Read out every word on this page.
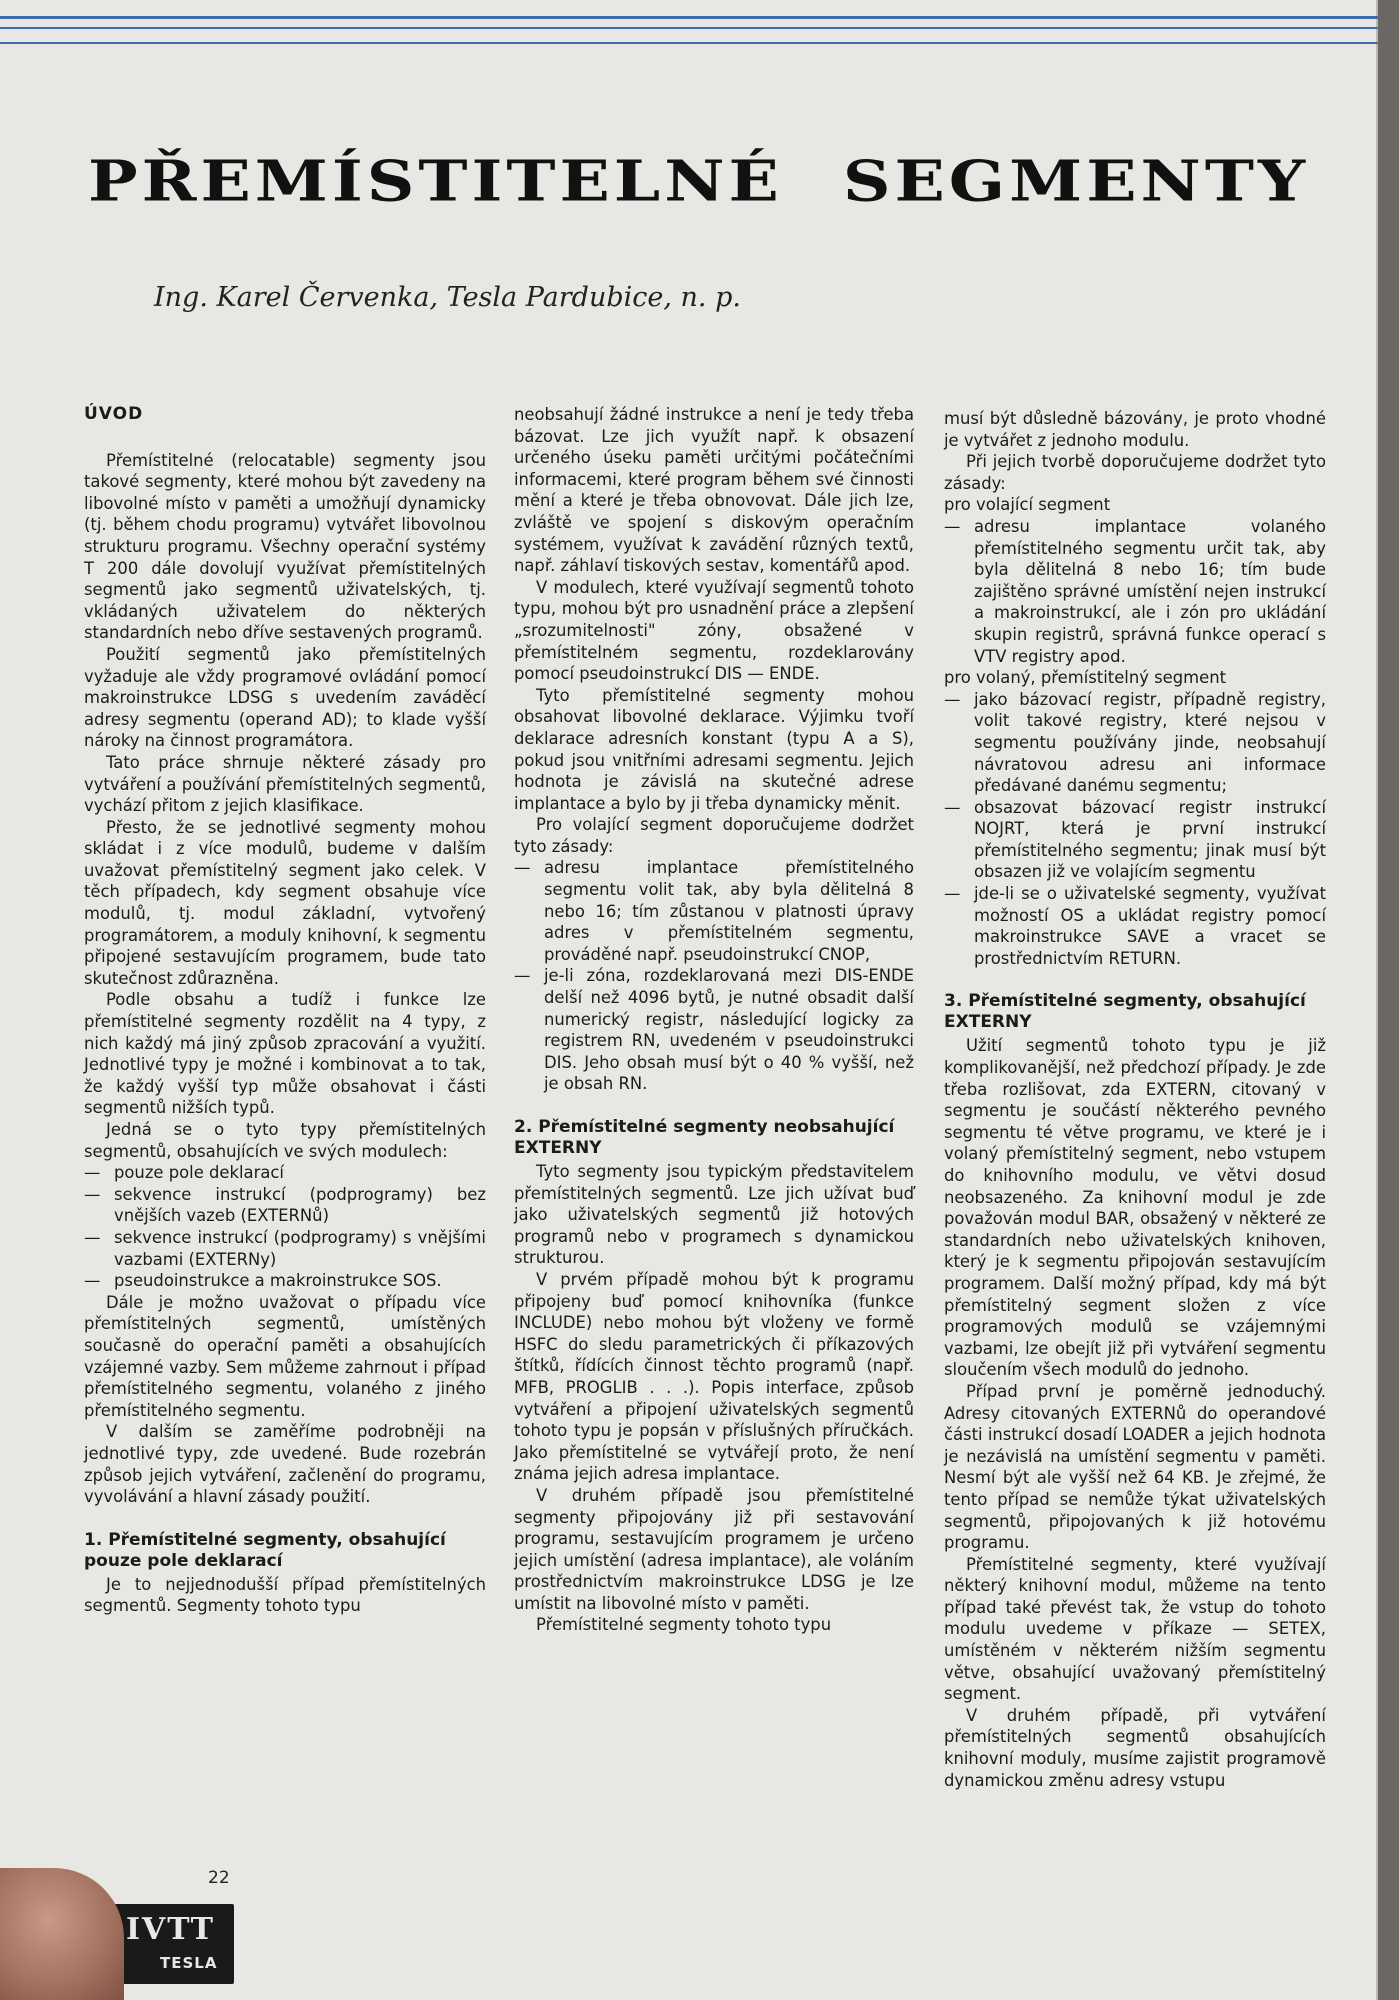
PŘEMÍSTITELNÉ SEGMENTY
Ing. Karel Červenka, Tesla Pardubice, n. p.
ÚVOD

Přemístitelné (relocatable) segmenty jsou takové segmenty, které mohou být zavedeny na libovolné místo v paměti a umožňují dynamicky (tj. během chodu programu) vytvářet libovolnou strukturu programu. Všechny operační systémy T 200 dále dovolují využívat přemístitelných segmentů jako segmentů uživatelských, tj. vkládaných uživatelem do některých standardních nebo dříve sestavených programů.

Použití segmentů jako přemístitelných vyžaduje ale vždy programové ovládání pomocí makroinstrukce LDSG s uvedením zaváděcí adresy segmentu (operand AD); to klade vyšší nároky na činnost programátora.

Tato práce shrnuje některé zásady pro vytváření a používání přemístitelných segmentů, vychází přitom z jejich klasifikace.

Přesto, že se jednotlivé segmenty mohou skládat i z více modulů, budeme v dalším uvažovat přemístitelný segment jako celek. V těch případech, kdy segment obsahuje více modulů, tj. modul základní, vytvořený programátorem, a moduly knihovní, k segmentu připojené sestavujícím programem, bude tato skutečnost zdůrazněna.

Podle obsahu a tudíž i funkce lze přemístitelné segmenty rozdělit na 4 typy, z nich každý má jiný způsob zpracování a využití. Jednotlivé typy je možné i kombinovat a to tak, že každý vyšší typ může obsahovat i části segmentů nižších typů.

Jedná se o tyto typy přemístitelných segmentů, obsahujících ve svých modulech:

— pouze pole deklarací
— sekvence instrukcí (podprogramy) bez vnějších vazeb (EXTERNů)
— sekvence instrukcí (podprogramy) s vnějšími vazbami (EXTERNy)
— pseudoinstrukce a makroinstrukce SOS.

Dále je možno uvažovat o případu více přemístitelných segmentů, umístěných současně do operační paměti a obsahujících vzájemné vazby. Sem můžeme zahrnout i případ přemístitelného segmentu, volaného z jiného přemístitelného segmentu.

V dalším se zaměříme podrobněji na jednotlivé typy, zde uvedené. Bude rozebrán způsob jejich vytváření, začlenění do programu, vyvolávání a hlavní zásady použití.

1. Přemístitelné segmenty, obsahující pouze pole deklarací

Je to nejjednodušší případ přemístitelných segmentů. Segmenty tohoto typu

neobsahují žádné instrukce a není je tedy třeba bázovat. Lze jich využít např. k obsazení určeného úseku paměti určitými počátečními informacemi, které program během své činnosti mění a které je třeba obnovovat. Dále jich lze, zvláště ve spojení s diskovým operačním systémem, využívat k zavádění různých textů, např. záhlaví tiskových sestav, komentářů apod.

V modulech, které využívají segmentů tohoto typu, mohou být pro usnadnění práce a zlepšení „srozumitelnosti" zóny, obsažené v přemístitelném segmentu, rozdeklarovány pomocí pseudoinstrukcí DIS — ENDE.

Tyto přemístitelné segmenty mohou obsahovat libovolné deklarace. Výjimku tvoří deklarace adresních konstant (typu A a S), pokud jsou vnitřními adresami segmentu. Jejich hodnota je závislá na skutečné adrese implantace a bylo by ji třeba dynamicky měnit.

Pro volající segment doporučujeme dodržet tyto zásady:

— adresu implantace přemístitelného segmentu volit tak, aby byla dělitelná 8 nebo 16; tím zůstanou v platnosti úpravy adres v přemístitelném segmentu, prováděné např. pseudoinstrukcí CNOP,
— je-li zóna, rozdeklarovaná mezi DIS-ENDE delší než 4096 bytů, je nutné obsadit další numerický registr, následující logicky za registrem RN, uvedeném v pseudoinstrukci DIS. Jeho obsah musí být o 40 % vyšší, než je obsah RN.
2. Přemístitelné segmenty neobsahující EXTERNY

Tyto segmenty jsou typickým představitelem přemístitelných segmentů. Lze jich užívat buď jako uživatelských segmentů již hotových programů nebo v programech s dynamickou strukturou.

V prvém případě mohou být k programu připojeny buď pomocí knihovníka (funkce INCLUDE) nebo mohou být vloženy ve formě HSFC do sledu parametrických či příkazových štítků, řídících činnost těchto programů (např. MFB, PROGLIB . . .). Popis interface, způsob vytváření a připojení uživatelských segmentů tohoto typu je popsán v příslušných příručkách. Jako přemístitelné se vytvářejí proto, že není známa jejich adresa implantace.

V druhém případě jsou přemístitelné segmenty připojovány již při sestavování programu, sestavujícím programem je určeno jejich umístění (adresa implantace), ale voláním prostřednictvím makroinstrukce LDSG je lze umístit na libovolné místo v paměti.

Přemístitelné segmenty tohoto typu

musí být důsledně bázovány, je proto vhodné je vytvářet z jednoho modulu.

Při jejich tvorbě doporučujeme dodržet tyto zásady:

pro volající segment

— adresu implantace volaného přemístitelného segmentu určit tak, aby byla dělitelná 8 nebo 16; tím bude zajištěno správné umístění nejen instrukcí a makroinstrukcí, ale i zón pro ukládání skupin registrů, správná funkce operací s VTV registry apod.

pro volaný, přemístitelný segment

— jako bázovací registr, případně registry, volit takové registry, které nejsou v segmentu používány jinde, neobsahují návratovou adresu ani informace předávané danému segmentu;
— obsazovat bázovací registr instrukcí NOJRT, která je první instrukcí přemístitelného segmentu; jinak musí být obsazen již ve volajícím segmentu
— jde-li se o uživatelské segmenty, využívat možností OS a ukládat registry pomocí makroinstrukce SAVE a vracet se prostřednictvím RETURN.
3. Přemístitelné segmenty, obsahující EXTERNY

Užití segmentů tohoto typu je již komplikovanější, než předchozí případy. Je zde třeba rozlišovat, zda EXTERN, citovaný v segmentu je součástí některého pevného segmentu té větve programu, ve které je i volaný přemístitelný segment, nebo vstupem do knihovního modulu, ve větvi dosud neobsazeného. Za knihovní modul je zde považován modul BAR, obsažený v některé ze standardních nebo uživatelských knihoven, který je k segmentu připojován sestavujícím programem. Další možný případ, kdy má být přemístitelný segment složen z více programových modulů se vzájemnými vazbami, lze obejít již při vytváření segmentu sloučením všech modulů do jednoho.

Případ první je poměrně jednoduchý. Adresy citovaných EXTERNů do operandové části instrukcí dosadí LOADER a jejich hodnota je nezávislá na umístění segmentu v paměti. Nesmí být ale vyšší než 64 KB. Je zřejmé, že tento případ se nemůže týkat uživatelských segmentů, připojovaných k již hotovému programu.

Přemístitelné segmenty, které využívají některý knihovní modul, můžeme na tento případ také převést tak, že vstup do tohoto modulu uvedeme v příkaze — SETEX, umístěném v některém nižším segmentu větve, obsahující uvažovaný přemístitelný segment.

V druhém případě, při vytváření přemístitelných segmentů obsahujících knihovní moduly, musíme zajistit programově dynamickou změnu adresy vstupu

22
IVTT
TESLA
